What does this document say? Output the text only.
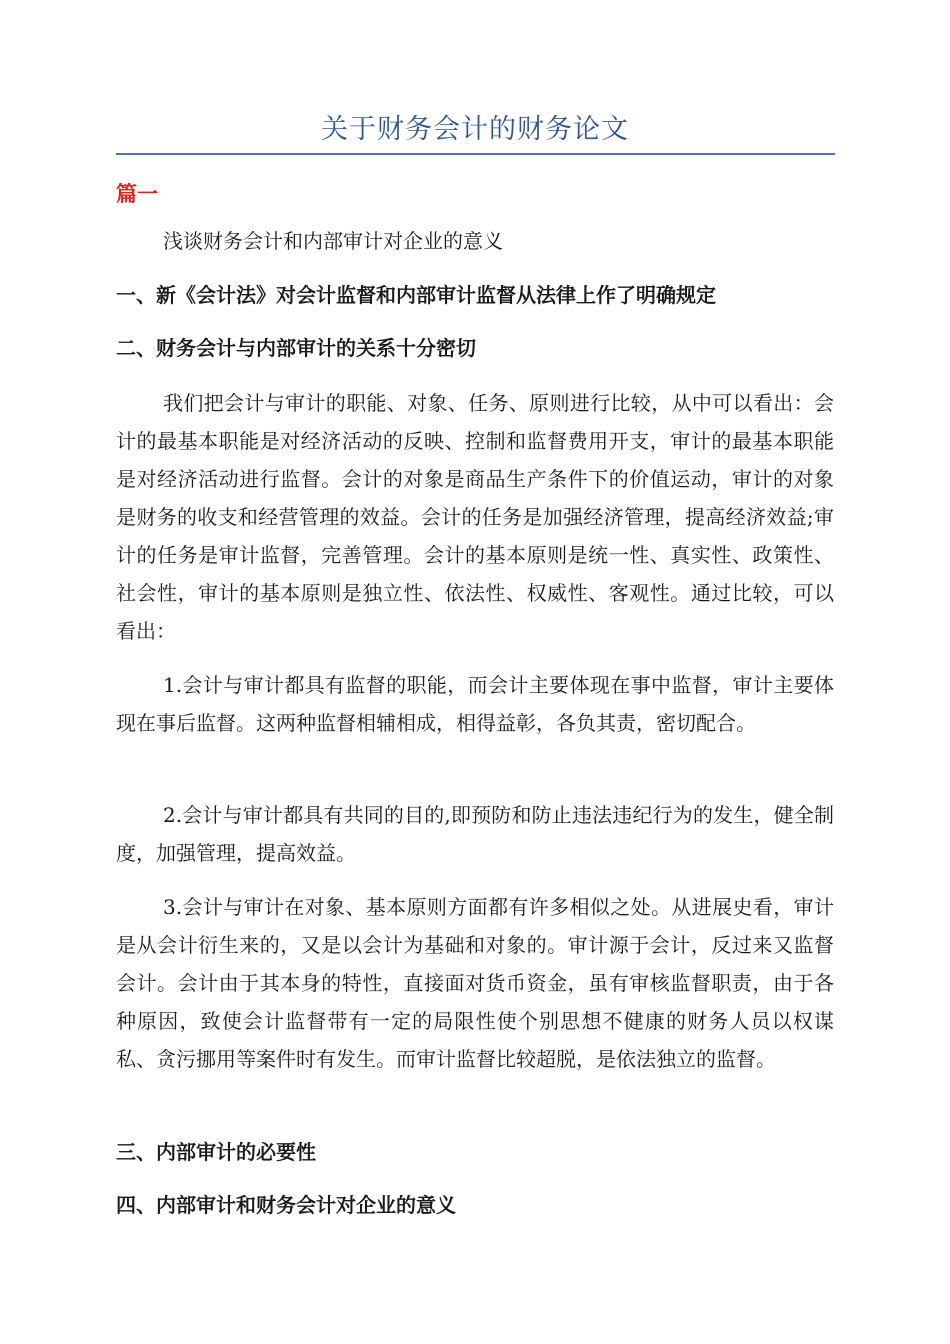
关于财务会计的财务论文
篇一
浅谈财务会计和内部审计对企业的意义
一、新《会计法》对会计监督和内部审计监督从法律上作了明确规定
二、财务会计与内部审计的关系十分密切

我们把会计与审计的职能、对象、任务、原则进行比较，从中可以看出：会计的最基本职能是对经济活动的反映、控制和监督费用开支，审计的最基本职能是对经济活动进行监督。会计的对象是商品生产条件下的价值运动，审计的对象是财务的收支和经营管理的效益。会计的任务是加强经济管理，提高经济效益;审计的任务是审计监督，完善管理。会计的基本原则是统一性、真实性、政策性、社会性，审计的基本原则是独立性、依法性、权威性、客观性。通过比较，可以看出：

1.会计与审计都具有监督的职能，而会计主要体现在事中监督，审计主要体现在事后监督。这两种监督相辅相成，相得益彰，各负其责，密切配合。

2.会计与审计都具有共同的目的,即预防和防止违法违纪行为的发生，健全制度，加强管理，提高效益。

3.会计与审计在对象、基本原则方面都有许多相似之处。从进展史看，审计是从会计衍生来的，又是以会计为基础和对象的。审计源于会计，反过来又监督会计。会计由于其本身的特性，直接面对货币资金，虽有审核监督职责，由于各种原因，致使会计监督带有一定的局限性使个别思想不健康的财务人员以权谋私、贪污挪用等案件时有发生。而审计监督比较超脱，是依法独立的监督。

三、内部审计的必要性
四、内部审计和财务会计对企业的意义
